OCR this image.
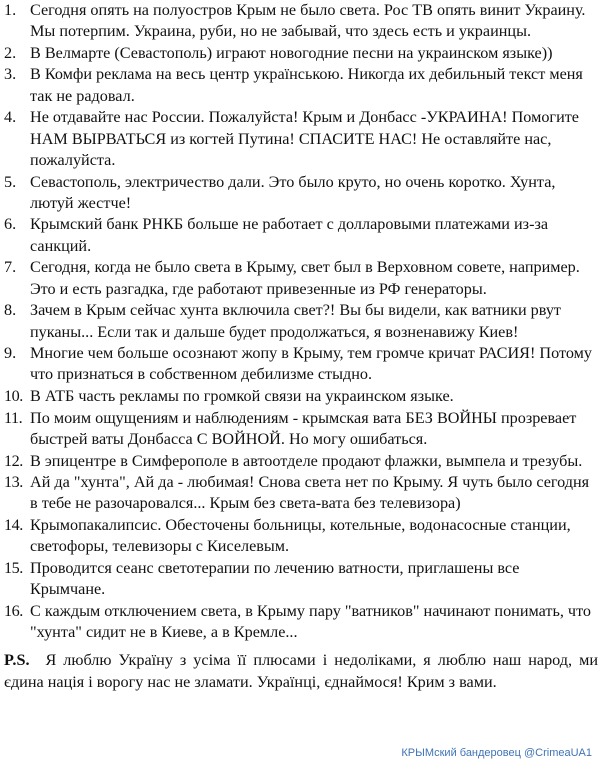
1. Сегодня опять на полуостров Крым не было света. Рос ТВ опять винит Украину. Мы потерпим. Украина, руби, но не забывай, что здесь есть и украинцы.
2. В Велмарте (Севастополь) играют новогодние песни на украинском языке))
3. В Комфи реклама на весь центр українською. Никогда их дебильный текст меня так не радовал.
4. Не отдавайте нас России. Пожалуйста! Крым и Донбасс -УКРАИНА! Помогите НАМ ВЫРВАТЬСЯ из когтей Путина! СПАСИТЕ НАС! Не оставляйте нас, пожалуйста.
5. Севастополь, электричество дали. Это было круто, но очень коротко. Хунта, лютуй жестче!
6. Крымский банк РНКБ больше не работает с долларовыми платежами из-за санкций.
7. Сегодня, когда не было света в Крыму, свет был в Верховном совете, например. Это и есть разгадка, где работают привезенные из РФ генераторы.
8. Зачем в Крым сейчас хунта включила свет?! Вы бы видели, как ватники рвут пуканы... Если так и дальше будет продолжаться, я возненавижу Киев!
9. Многие чем больше осознают жопу в Крыму, тем громче кричат РАСИЯ! Потому что признаться в собственном дебилизме стыдно.
10. В АТБ часть рекламы по громкой связи на украинском языке.
11. По моим ощущениям и наблюдениям - крымская вата БЕЗ ВОЙНЫ прозревает быстрей ваты Донбасса С ВОЙНОЙ. Но могу ошибаться.
12. В эпицентре в Симферополе в автоотделе продают флажки, вымпела и трезубы.
13. Ай да "хунта", Ай да - любимая! Снова света нет по Крыму. Я чуть было сегодня в тебе не разочаровался... Крым без света-вата без телевизора)
14. Крымопакалипсис. Обесточены больницы, котельные, водонасосные станции, светофоры, телевизоры с Киселевым.
15. Проводится сеанс светотерапии по лечению ватности, приглашены все Крымчане.
16. С каждым отключением света, в Крыму пару "ватников" начинают понимать, что "хунта" сидит не в Киеве, а в Кремле...
P.S. Я люблю Україну з усіма її плюсами і недоліками, я люблю наш народ, ми єдина нація і ворогу нас не зламати. Українці, єднаймося! Крим з вами.
КРЫМский бандеровец @CrimeaUA1
